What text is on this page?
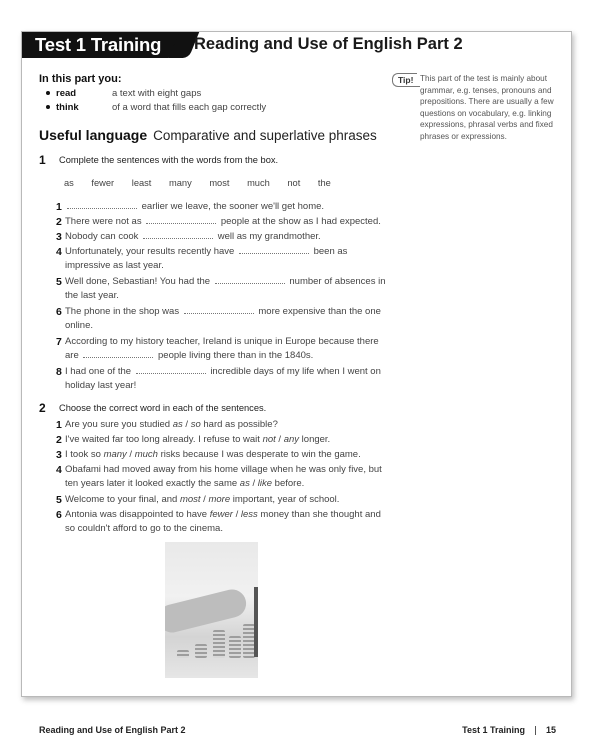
Test 1 Training Reading and Use of English Part 2
In this part you:
read	a text with eight gaps
think	of a word that fills each gap correctly
Tip! This part of the test is mainly about grammar, e.g. tenses, pronouns and prepositions. There are usually a few questions on vocabulary, e.g. linking expressions, phrasal verbs and fixed phrases or expressions.
Useful language Comparative and superlative phrases
1 Complete the sentences with the words from the box.
as fewer least many most much not the
1	earlier we leave, the sooner we'll get home.
2 There were not as	people at the show as I had expected.
3 Nobody can cook	well as my grandmother.
4 Unfortunately, your results recently have	been as impressive as last year.
5 Well done, Sebastian! You had the	number of absences in the last year.
6 The phone in the shop was	more expensive than the one online.
7 According to my history teacher, Ireland is unique in Europe because there are	people living there than in the 1840s.
8 I had one of the	incredible days of my life when I went on holiday last year!
2 Choose the correct word in each of the sentences.
1 Are you sure you studied as / so hard as possible?
2 I've waited far too long already. I refuse to wait not / any longer.
3 I took so many / much risks because I was desperate to win the game.
4 Obafami had moved away from his home village when he was only five, but ten years later it looked exactly the same as / like before.
5 Welcome to your final, and most / more important, year of school.
6 Antonia was disappointed to have fewer / less money than she thought and so couldn't afford to go to the cinema.
Reading and Use of English Part 2	Test 1 Training 15
